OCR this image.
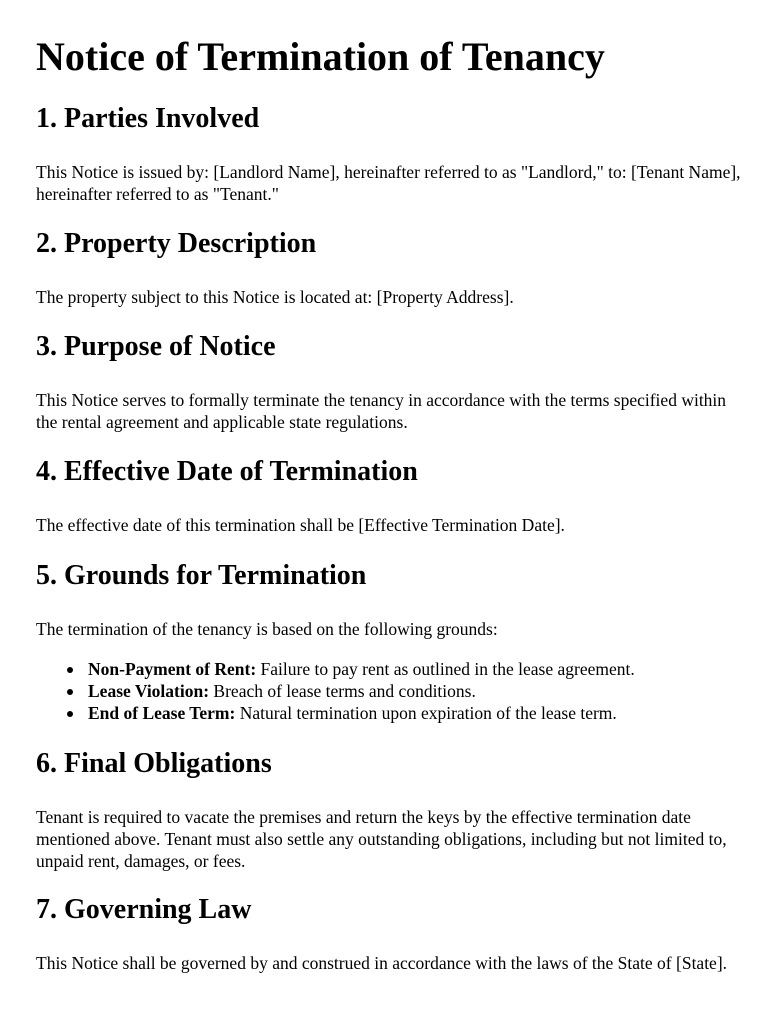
Notice of Termination of Tenancy
1. Parties Involved

This Notice is issued by: [Landlord Name], hereinafter referred to as "Landlord," to: [Tenant Name], hereinafter referred to as "Tenant."

2. Property Description

The property subject to this Notice is located at: [Property Address].

3. Purpose of Notice

This Notice serves to formally terminate the tenancy in accordance with the terms specified within the rental agreement and applicable state regulations.

4. Effective Date of Termination

The effective date of this termination shall be [Effective Termination Date].

5. Grounds for Termination

The termination of the tenancy is based on the following grounds:

Non-Payment of Rent: Failure to pay rent as outlined in the lease agreement.
Lease Violation: Breach of lease terms and conditions.
End of Lease Term: Natural termination upon expiration of the lease term.
6. Final Obligations

Tenant is required to vacate the premises and return the keys by the effective termination date mentioned above. Tenant must also settle any outstanding obligations, including but not limited to, unpaid rent, damages, or fees.

7. Governing Law

This Notice shall be governed by and construed in accordance with the laws of the State of [State].
